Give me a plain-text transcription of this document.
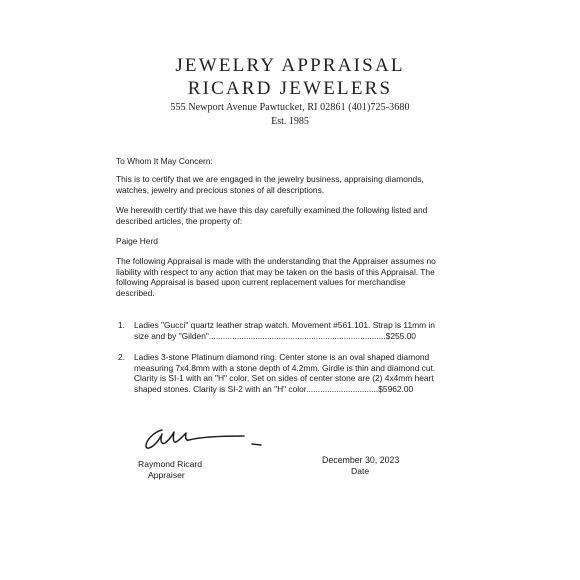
JEWELRY APPRAISAL
RICARD JEWELERS
555 Newport Avenue Pawtucket, RI 02861 (401)725-3680
Est. 1985
To Whom It May Concern:
This is to certify that we are engaged in the jewelry business, appraising diamonds,
watches, jewelry and precious stones of all descriptions.
We herewith certify that we have this day carefully examined the following listed and
described articles, the property of:
Paige Herd
The following Appraisal is made with the understanding that the Appraiser assumes no
liability with respect to any action that may be taken on the basis of this Appraisal. The
following Appraisal is based upon current replacement values for merchandise
described.
1. Ladies "Gucci" quartz leather strap watch. Movement #561.101. Strap is 11mm in
size and by "Gilden"............................................................................$255.00
2. Ladies 3-stone Platinum diamond ring. Center stone is an oval shaped diamond
measuring 7x4.8mm with a stone depth of 4.2mm. Girdle is thin and diamond cut.
Clarity is SI-1 with an "H" color. Set on sides of center stone are (2) 4x4mm heart
shaped stones. Clarity is SI-2 with an "H" color...............................$5962.00
Raymond Ricard
Appraiser
December 30, 2023
Date
